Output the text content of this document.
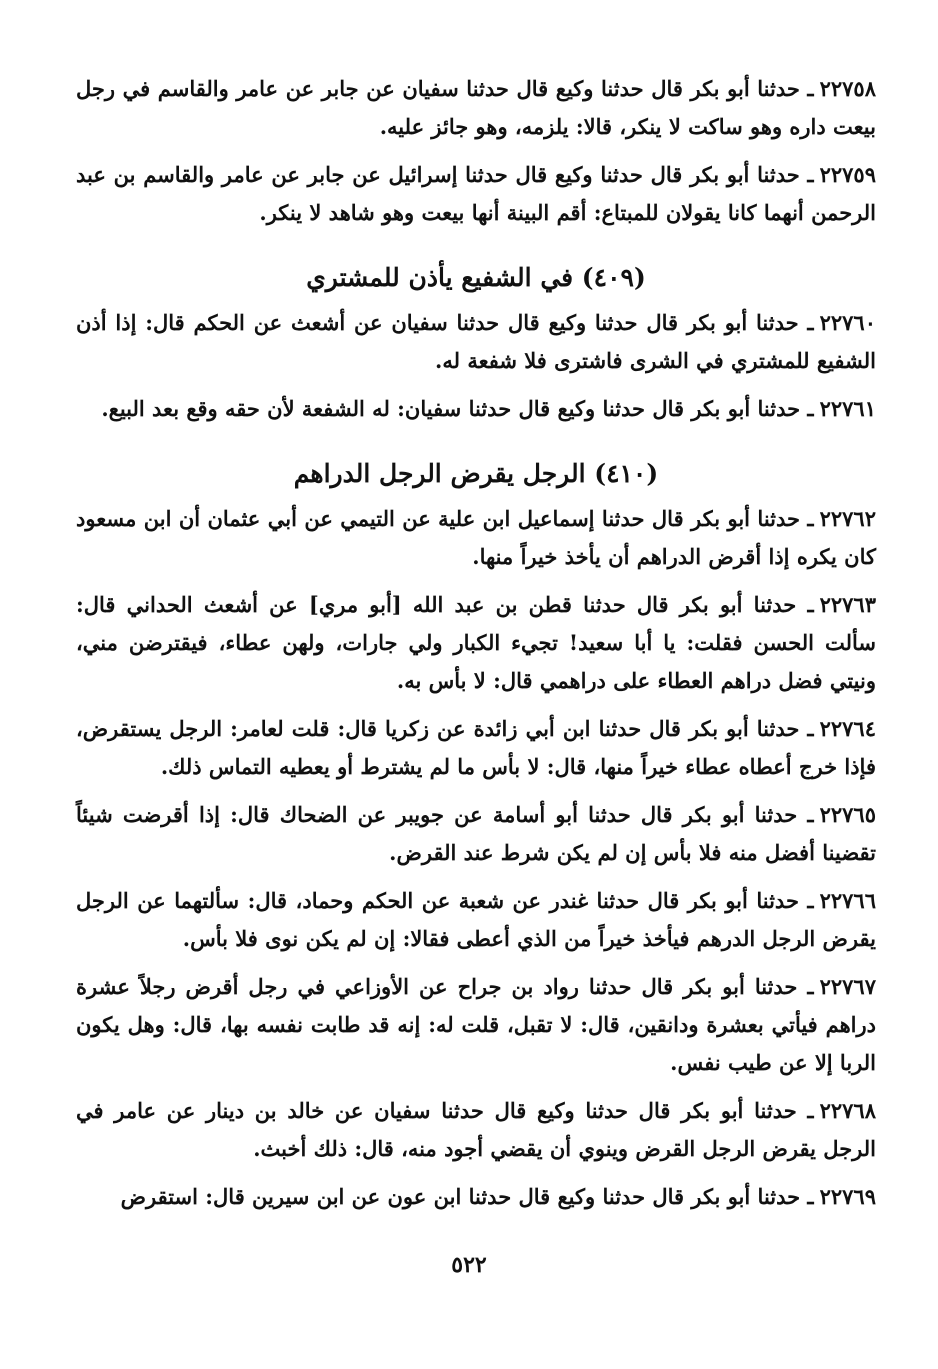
٢٢٧٥٨ـ حدثنا أبو بكر قال حدثنا وكيع قال حدثنا سفيان عن جابر عن عامر والقاسم في رجل بيعت داره وهو ساكت لا ينكر، قالا: يلزمه، وهو جائز عليه.

٢٢٧٥٩ـ حدثنا أبو بكر قال حدثنا وكيع قال حدثنا إسرائيل عن جابر عن عامر والقاسم بن عبد الرحمن أنهما كانا يقولان للمبتاع: أقم البينة أنها بيعت وهو شاهد لا ينكر.

(٤٠٩) في الشفيع يأذن للمشتري

٢٢٧٦٠ـ حدثنا أبو بكر قال حدثنا وكيع قال حدثنا سفيان عن أشعث عن الحكم قال: إذا أذن الشفيع للمشتري في الشرى فاشترى فلا شفعة له.

٢٢٧٦١ـ حدثنا أبو بكر قال حدثنا وكيع قال حدثنا سفيان: له الشفعة لأن حقه وقع بعد البيع.

(٤١٠) الرجل يقرض الرجل الدراهم

٢٢٧٦٢ـ حدثنا أبو بكر قال حدثنا إسماعيل ابن علية عن التيمي عن أبي عثمان أن ابن مسعود كان يكره إذا أقرض الدراهم أن يأخذ خيراً منها.

٢٢٧٦٣ـ حدثنا أبو بكر قال حدثنا قطن بن عبد الله [أبو مري] عن أشعث الحداني قال: سألت الحسن فقلت: يا أبا سعيد! تجيء الكبار ولي جارات، ولهن عطاء، فيقترضن مني، ونيتي فضل دراهم العطاء على دراهمي قال: لا بأس به.

٢٢٧٦٤ـ حدثنا أبو بكر قال حدثنا ابن أبي زائدة عن زكريا قال: قلت لعامر: الرجل يستقرض، فإذا خرج أعطاه عطاء خيراً منها، قال: لا بأس ما لم يشترط أو يعطيه التماس ذلك.

٢٢٧٦٥ـ حدثنا أبو بكر قال حدثنا أبو أسامة عن جويبر عن الضحاك قال: إذا أقرضت شيئاً تقضينا أفضل منه فلا بأس إن لم يكن شرط عند القرض.

٢٢٧٦٦ـ حدثنا أبو بكر قال حدثنا غندر عن شعبة عن الحكم وحماد، قال: سألتهما عن الرجل يقرض الرجل الدرهم فيأخذ خيراً من الذي أعطى فقالا: إن لم يكن نوى فلا بأس.

٢٢٧٦٧ـ حدثنا أبو بكر قال حدثنا رواد بن جراح عن الأوزاعي في رجل أقرض رجلاً عشرة دراهم فيأتي بعشرة ودانقين، قال: لا تقبل، قلت له: إنه قد طابت نفسه بها، قال: وهل يكون الربا إلا عن طيب نفس.

٢٢٧٦٨ـ حدثنا أبو بكر قال حدثنا وكيع قال حدثنا سفيان عن خالد بن دينار عن عامر في الرجل يقرض الرجل القرض وينوي أن يقضي أجود منه، قال: ذلك أخبث.

٢٢٧٦٩ـ حدثنا أبو بكر قال حدثنا وكيع قال حدثنا ابن عون عن ابن سيرين قال: استقرض

٥٢٢
